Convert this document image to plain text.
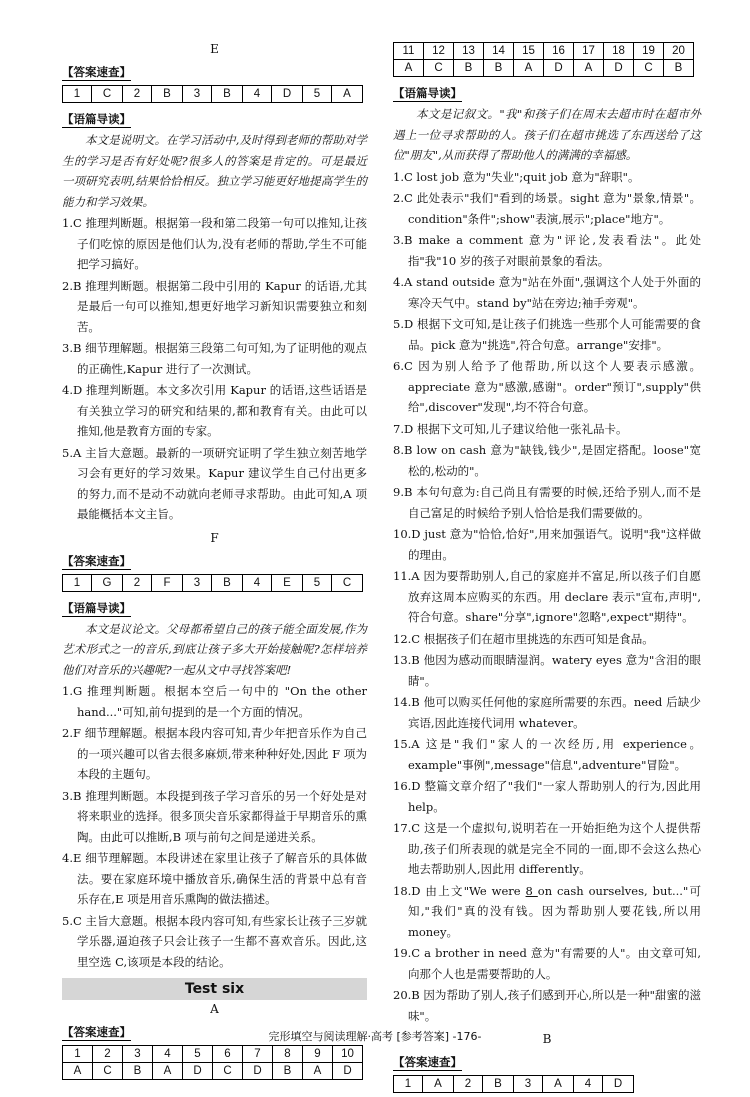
E
【答案速查】
1	C	2	B	3	B	4	D	5	A
【语篇导读】

本文是说明文。在学习活动中,及时得到老师的帮助对学生的学习是否有好处呢?很多人的答案是肯定的。可是最近一项研究表明,结果恰恰相反。独立学习能更好地提高学生的能力和学习效果。

1.C 推理判断题。根据第一段和第二段第一句可以推知,让孩子们吃惊的原因是他们认为,没有老师的帮助,学生不可能把学习搞好。

2.B 推理判断题。根据第二段中引用的 Kapur 的话语,尤其是最后一句可以推知,想更好地学习新知识需要独立和刻苦。

3.B 细节理解题。根据第三段第二句可知,为了证明他的观点的正确性,Kapur 进行了一次测试。

4.D 推理判断题。本文多次引用 Kapur 的话语,这些话语是有关独立学习的研究和结果的,都和教育有关。由此可以推知,他是教育方面的专家。

5.A 主旨大意题。最新的一项研究证明了学生独立刻苦地学习会有更好的学习效果。Kapur 建议学生自己付出更多的努力,而不是动不动就向老师寻求帮助。由此可知,A 项最能概括本文主旨。

F
【答案速查】
1	G	2	F	3	B	4	E	5	C
【语篇导读】

本文是议论文。父母都希望自己的孩子能全面发展,作为艺术形式之一的音乐,到底让孩子多大开始接触呢?怎样培养他们对音乐的兴趣呢?一起从文中寻找答案吧!

1.G 推理判断题。根据本空后一句中的 "On the other hand..."可知,前句提到的是一个方面的情况。

2.F 细节理解题。根据本段内容可知,青少年把音乐作为自己的一项兴趣可以省去很多麻烦,带来种种好处,因此 F 项为本段的主题句。

3.B 推理判断题。本段提到孩子学习音乐的另一个好处是对将来职业的选择。很多顶尖音乐家都得益于早期音乐的熏陶。由此可以推断,B 项与前句之间是递进关系。

4.E 细节理解题。本段讲述在家里让孩子了解音乐的具体做法。要在家庭环境中播放音乐,确保生活的背景中总有音乐存在,E 项是用音乐熏陶的做法描述。

5.C 主旨大意题。根据本段内容可知,有些家长让孩子三岁就学乐器,逼迫孩子只会让孩子一生都不喜欢音乐。因此,这里空选 C,该项是本段的结论。

Test six
A
【答案速查】
1	2	3	4	5	6	7	8	9	10
A	C	B	A	D	C	D	B	A	D
11	12	13	14	15	16	17	18	19	20
A	C	B	B	A	D	A	D	C	B
【语篇导读】

本文是记叙文。"我"和孩子们在周末去超市时在超市外遇上一位寻求帮助的人。孩子们在超市挑选了东西送给了这位"朋友",从而获得了帮助他人的满满的幸福感。

1.C lost job 意为"失业";quit job 意为"辞职"。

2.C 此处表示"我们"看到的场景。sight 意为"景象,情景"。condition"条件";show"表演,展示";place"地方"。

3.B make a comment 意为"评论,发表看法"。此处指"我"10 岁的孩子对眼前景象的看法。

4.A stand outside 意为"站在外面",强调这个人处于外面的寒冷天气中。stand by"站在旁边;袖手旁观"。

5.D 根据下文可知,是让孩子们挑选一些那个人可能需要的食品。pick 意为"挑选",符合句意。arrange"安排"。

6.C 因为别人给予了他帮助,所以这个人要表示感激。appreciate 意为"感激,感谢"。order"预订",supply"供给",discover"发现",均不符合句意。

7.D 根据下文可知,儿子建议给他一张礼品卡。

8.B low on cash 意为"缺钱,钱少",是固定搭配。loose"宽松的,松动的"。

9.B 本句句意为:自己尚且有需要的时候,还给予别人,而不是自己富足的时候给予别人恰恰是我们需要做的。

10.D just 意为"恰恰,恰好",用来加强语气。说明"我"这样做的理由。

11.A 因为要帮助别人,自己的家庭并不富足,所以孩子们自愿放弃这周本应购买的东西。用 declare 表示"宣布,声明",符合句意。share"分享",ignore"忽略",expect"期待"。

12.C 根据孩子们在超市里挑选的东西可知是食品。

13.B 他因为感动而眼睛湿润。watery eyes 意为"含泪的眼睛"。

14.B 他可以购买任何他的家庭所需要的东西。need 后缺少宾语,因此连接代词用 whatever。

15.A 这是"我们"家人的一次经历,用 experience。example"事例",message"信息",adventure"冒险"。

16.D 整篇文章介绍了"我们"一家人帮助别人的行为,因此用 help。

17.C 这是一个虚拟句,说明若在一开始拒绝为这个人提供帮助,孩子们所表现的就是完全不同的一面,即不会这么热心地去帮助别人,因此用 differently。

18.D 由上文"We were 8 on cash ourselves, but..."可知,"我们"真的没有钱。因为帮助别人要花钱,所以用 money。

19.C a brother in need 意为"有需要的人"。由文章可知,向那个人也是需要帮助的人。

20.B 因为帮助了别人,孩子们感到开心,所以是一种"甜蜜的滋味"。

B
【答案速查】
1	A	2	B	3	A	4	D
完形填空与阅读理解·高考 [参考答案] -176-
